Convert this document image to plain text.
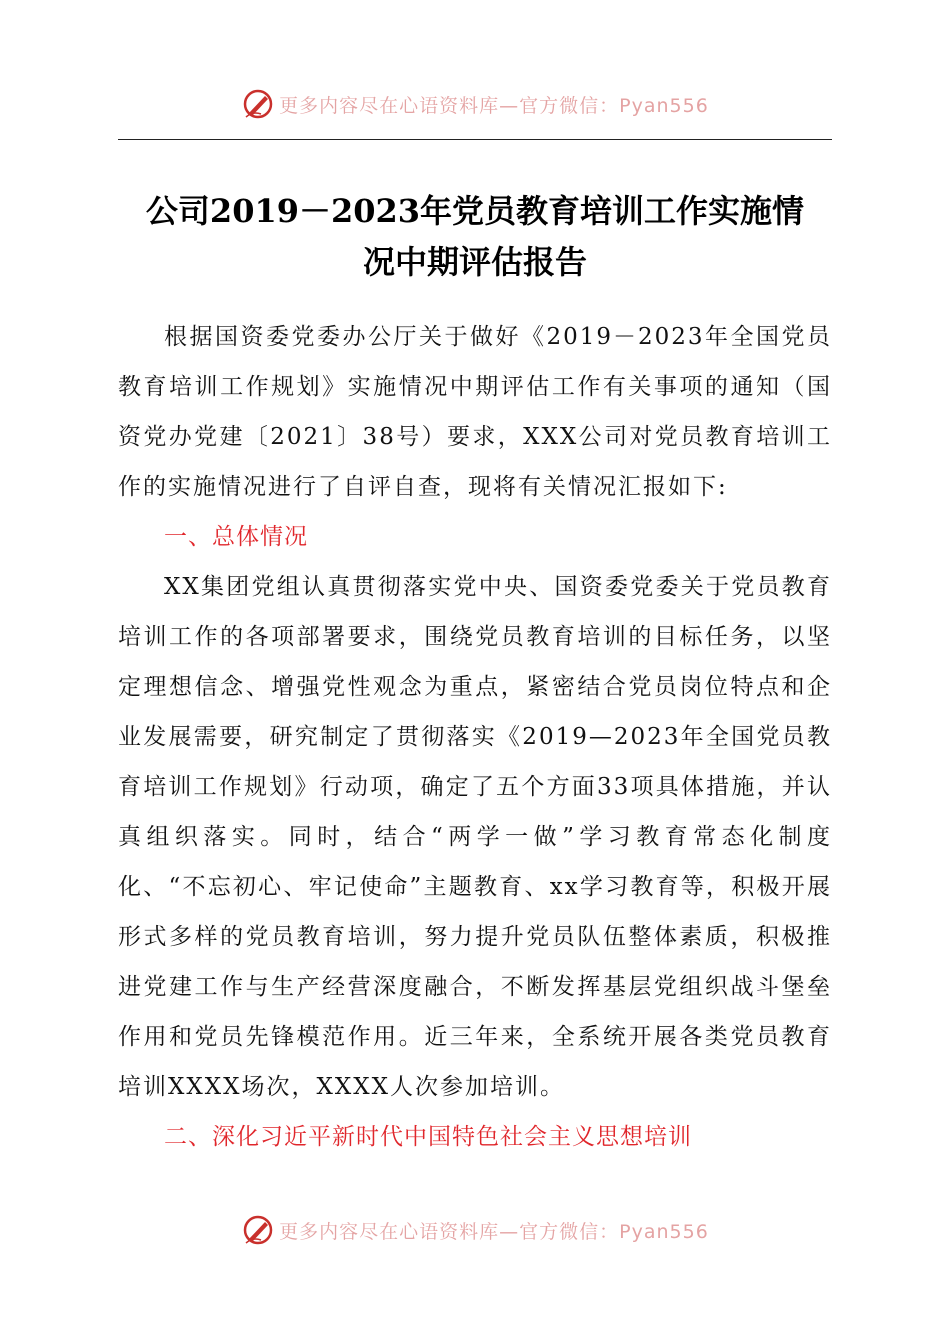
更多内容尽在心语资料库—官方微信：Pyan556
公司2019－2023年党员教育培训工作实施情
况中期评估报告

根据国资委党委办公厅关于做好《2019－2023年全国党员教育培训工作规划》实施情况中期评估工作有关事项的通知（国资党办党建〔2021〕38号）要求，XXX公司对党员教育培训工作的实施情况进行了自评自查，现将有关情况汇报如下:

一、总体情况

XX集团党组认真贯彻落实党中央、国资委党委关于党员教育培训工作的各项部署要求，围绕党员教育培训的目标任务，以坚定理想信念、增强党性观念为重点，紧密结合党员岗位特点和企业发展需要，研究制定了贯彻落实《2019—2023年全国党员教育培训工作规划》行动项，确定了五个方面33项具体措施，并认真组织落实。同时，结合“两学一做”学习教育常态化制度化、“不忘初心、牢记使命”主题教育、xx学习教育等，积极开展形式多样的党员教育培训，努力提升党员队伍整体素质，积极推进党建工作与生产经营深度融合，不断发挥基层党组织战斗堡垒作用和党员先锋模范作用。近三年来，全系统开展各类党员教育培训XXXX场次，XXXX人次参加培训。

二、深化习近平新时代中国特色社会主义思想培训

更多内容尽在心语资料库—官方微信：Pyan556
